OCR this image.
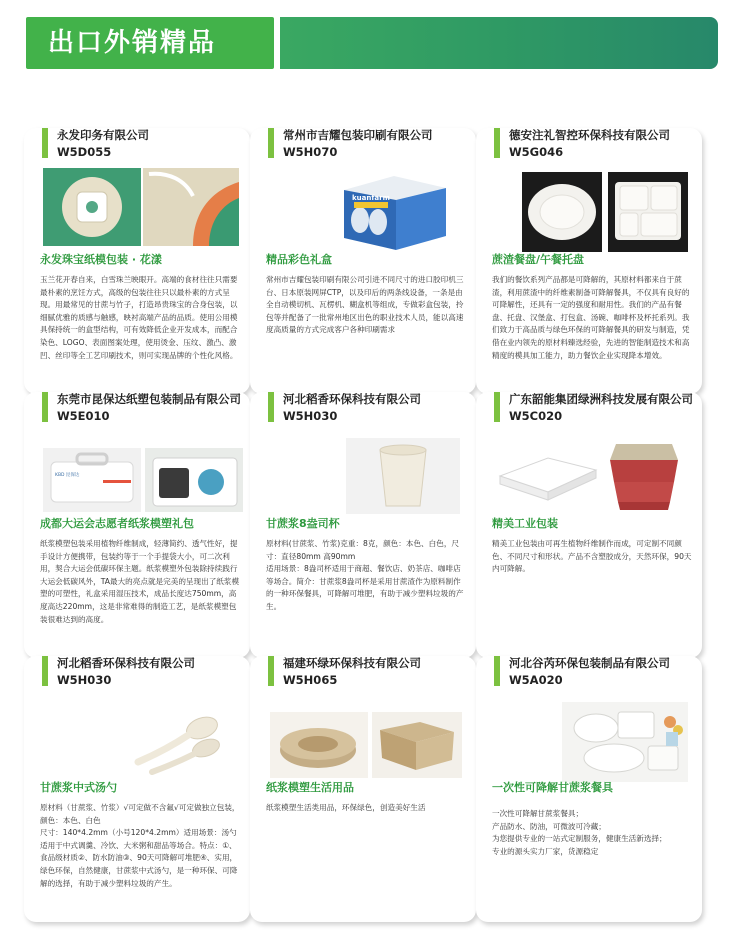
出口外销精品
永发印务有限公司
W5D055
永发珠宝纸模包装 · 花漾
玉兰花开春自来，白雪珠兰映眼开。高端的食材往往只需要最朴素的烹饪方式，高级的包装往往只以最朴素的方式呈现。用最常见的甘蔗与竹子，打造昂贵珠宝的合身包装，以细腻优雅的质感与触感，映衬高端产品的品质。使用公用模具保持统一的盒型结构，可有效降低企业开发成本，而配合染色、LOGO、表面图案处理，使用烫金、压纹、激凸、激凹、丝印等全工艺印刷技术，则可实现品牌的个性化风格。
常州市吉耀包装印刷有限公司
W5H070
kuanfarm
精品彩色礼盒
常州市吉耀包装印刷有限公司引进不同尺寸的进口胶印机三台、日本原装网屏CTP，以及印后的两条线设备，一条是由全自动模切机、瓦楞机、糊盒机等组成，专做彩盒包装，拎包等并配备了一批常州地区出色的职业技术人员，能以高速度高质量的方式完成客户各种印刷需求
德安注礼智控环保科技有限公司
W5G046
蔗渣餐盘/午餐托盘
我们的餐饮系列产品都是可降解的，其原材料都来自于蔗渣，利用蔗渣中的纤维素制备可降解餐具，不仅具有良好的可降解性，还具有一定的强度和耐用性。我们的产品有餐盘、托盘、汉堡盒、打包盒、汤碗、咖啡杯及杯托系列。我们致力于高品质与绿色环保的可降解餐具的研发与制造，凭借在业内领先的原材料臻选经验，先进的智能制造技术和高精度的模具加工能力，助力餐饮企业实现降本增效。
东莞市昆保达纸塑包装制品有限公司
W5E010
KBD 昆保达
成都大运会志愿者纸浆模塑礼包
纸浆模塑包装采用植物纤维制成，轻薄简约、透气性好，提手设计方便携带，包装约等于一个手提袋大小，可二次利用，契合大运会低碳环保主题。纸浆模塑外包装除持续践行大运会低碳风外，TA最大的亮点就是完美的呈现出了纸浆模塑的可塑性，礼盒采用湿压技术，成品长度达750mm，高度高达220mm，这是非常难得的制造工艺，是纸浆模塑包装很难达到的高度。
河北稻香环保科技有限公司
W5H030
甘蔗浆8盎司杯
原材料(甘蔗浆、竹浆)克重：8克，颜色：本色、白色，尺寸：直径80mm 高90mm
适用场景：8盎司杯适用于商超、餐饮店、奶茶店、咖啡店等场合。简介：甘蔗浆8盎司杯是采用甘蔗渣作为原料制作的一种环保餐具，可降解可堆肥，有助于减少塑料垃圾的产生。
广东韶能集团绿洲科技发展有限公司
W5C020
精美工业包装
精美工业包装由可再生植物纤维制作而成，可定制不同颜色、不同尺寸和形状。产品不含塑胶成分，天然环保，90天内可降解。
河北稻香环保科技有限公司
W5H030
甘蔗浆中式汤勺
原材料（甘蔗浆、竹浆）√可定做不含氟√可定做独立包装，颜色：本色、白色
尺寸：140*4.2mm（小号120*4.2mm）适用场景：汤勺适用于中式调羹、冷饮、大米粥和甜品等场合。特点：①、食品级材质②、防水防油③、90天可降解可堆肥④、实用，绿色环保，自然健康，甘蔗浆中式汤勺，是一种环保、可降解的选择，有助于减少塑料垃圾的产生。
福建环绿环保科技有限公司
W5H065
纸浆模塑生活用品
纸浆模塑生活类用品，环保绿色，创造美好生活
河北谷芮环保包装制品有限公司
W5A020
一次性可降解甘蔗浆餐具
一次性可降解甘蔗浆餐具；
产品防水、防油，可微波可冷藏；
为您提供专业的一站式定制服务，健康生活新选择；
专业的源头实力厂家，货源稳定
